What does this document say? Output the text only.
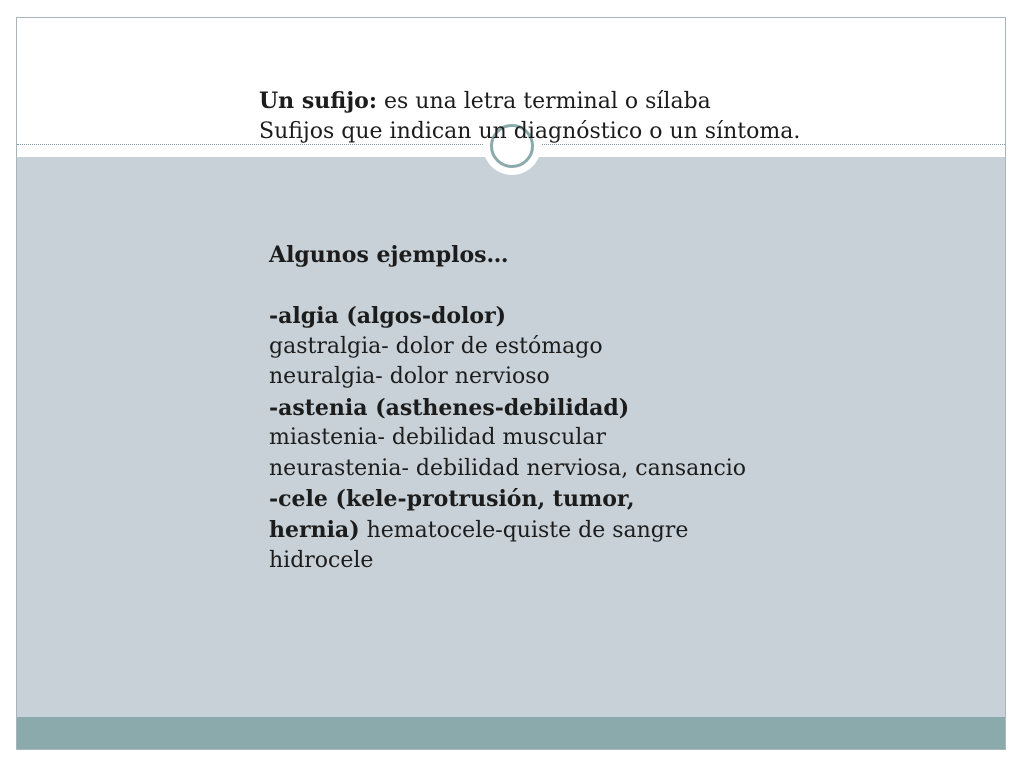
Un sufijo: es una letra terminal o sílaba
Sufijos que indican un diagnóstico o un síntoma.
Algunos ejemplos…
-algia (algos-dolor)
gastralgia- dolor de estómago
neuralgia- dolor nervioso
-astenia (asthenes-debilidad)
miastenia- debilidad muscular
neurastenia- debilidad nerviosa, cansancio
-cele (kele-protrusión, tumor,
hernia) hematocele-quiste de sangre
hidrocele
